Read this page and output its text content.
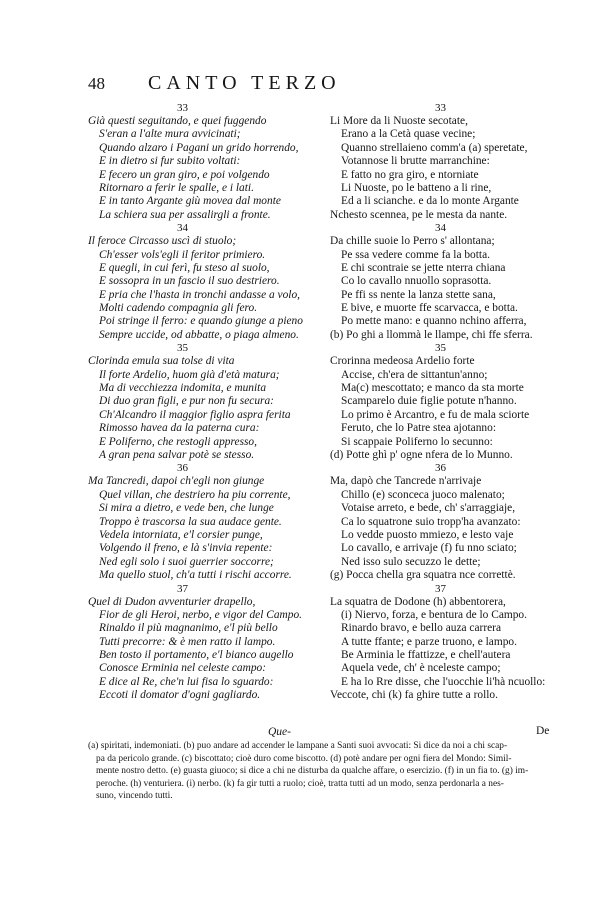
48 CANTO TERZO
33
Già questi seguitando, e quei fuggendo
S'eran a l'alte mura avvicinati;
Quando alzaro i Pagani un grido horrendo,
E in dietro si fur subito voltati:
E fecero un gran giro, e poi volgendo
Ritornaro a ferir le spalle, e i lati.
E in tanto Argante giù movea dal monte
La schiera sua per assalirgli a fronte.
34
Il feroce Circasso uscì di stuolo;
Ch'esser vols'egli il feritor primiero.
E quegli, in cui ferì, fu steso al suolo,
E sossopra in un fascio il suo destriero.
E pria che l'hasta in tronchi andasse a volo,
Molti cadendo compagnia gli fero.
Poi stringe il ferro: e quando giunge a pieno
Sempre uccide, od abbatte, o piaga almeno.
35
Clorinda emula sua tolse di vita
Il forte Ardelio, huom già d'età matura;
Ma di vecchiezza indomita, e munita
Di duo gran figli, e pur non fu secura:
Ch'Alcandro il maggior figlio aspra ferita
Rimosso havea da la paterna cura:
E Poliferno, che restogli appresso,
A gran pena salvar potè se stesso.
36
Ma Tancredi, dapoi ch'egli non giunge
Quel villan, che destriero ha piu corrente,
Si mira a dietro, e vede ben, che lunge
Troppo è trascorsa la sua audace gente.
Vedela intorniata, e'l corsier punge,
Volgendo il freno, e là s'invia repente:
Ned egli solo i suoi guerrier soccorre;
Ma quello stuol, ch'a tutti i rischi accorre.
37
Quel di Dudon avventurier drapello,
Fior de gli Heroi, nerbo, e vigor del Campo.
Rinaldo il più magnanimo, e'l più bello
Tutti precorre: & è men ratto il lampo.
Ben tosto il portamento, e'l bianco augello
Conosce Erminia nel celeste campo:
E dice al Re, che'n lui fisa lo sguardo:
Eccoti il domator d'ogni gagliardo.
33
Li More da li Nuoste secotate,
Erano a la Cetà quase vecine;
Quanno strellaieno comm'a (a) speretate,
Votannose li brutte marranchine:
E fatto no gra giro, e ntorniate
Li Nuoste, po le batteno a li rine,
Ed a li scianche. e da lo monte Argante
Nchesto scennea, pe le mesta da nante.
34
Da chille suoie lo Perro s' allontana;
Pe ssa vedere comme fa la botta.
E chi scontraie se jette nterra chiana
Co lo cavallo nnuollo soprasotta.
Pe ffi ss nente la lanza stette sana,
E bive, e muorte ffe scarvacca, e botta.
Po mette mano: e quanno nchino afferra,
(b) Po ghi a llommà le llampe, chi ffe sferra.
35
Crorinna medeosa Ardelio forte
Accise, ch'era de sittantun'anno;
Ma(c) mescottato; e manco da sta morte
Scamparelo duie figlie potute n'hanno.
Lo primo è Arcantro, e fu de mala sciorte
Feruto, che lo Patre stea ajotanno:
Si scappaie Poliferno lo secunno:
(d) Potte ghì p' ogne nfera de lo Munno.
36
Ma, dapò che Tancrede n'arrivaje
Chillo (e) sconceca juoco malenato;
Votaise arreto, e bede, ch' s'arraggiaje,
Ca lo squatrone suio tropp'ha avanzato:
Lo vedde puosto mmiezo, e lesto vaje
Lo cavallo, e arrivaje (f) fu nno sciato;
Ned isso sulo secuzzo le dette;
(g) Pocca chella gra squatra nce correttè.
37
La squatra de Dodone (h) abbentorera,
(i) Niervo, forza, e bentura de lo Campo.
Rinardo bravo, e bello auza carrera
A tutte ffante; e parze truono, e lampo.
Be Arminia le ffattizze, e chell'autera
Aquela vede, ch' è nceleste campo;
E ha lo Rre disse, che l'uocchie li'hà ncuollo:
Veccote, chi (k) fa ghire tutte a rollo.
Que-	De
(a) spiritati, indemoniati. (b) puo andare ad accender le lampane a Santi suoi avvocati: Si dice da noi a chi scap-
pa da pericolo grande. (c) biscottato; cioè duro come biscotto. (d) potè andare per ogni fiera del Mondo: Simil-
mente nostro detto. (e) guasta giuoco; si dice a chi ne disturba da qualche affare, o esercizio. (f) in un fia to. (g) im-
peroche. (h) venturiera. (i) nerbo. (k) fa gir tutti a ruolo; cioè, tratta tutti ad un modo, senza perdonarla a nes-
suno, vincendo tutti.
